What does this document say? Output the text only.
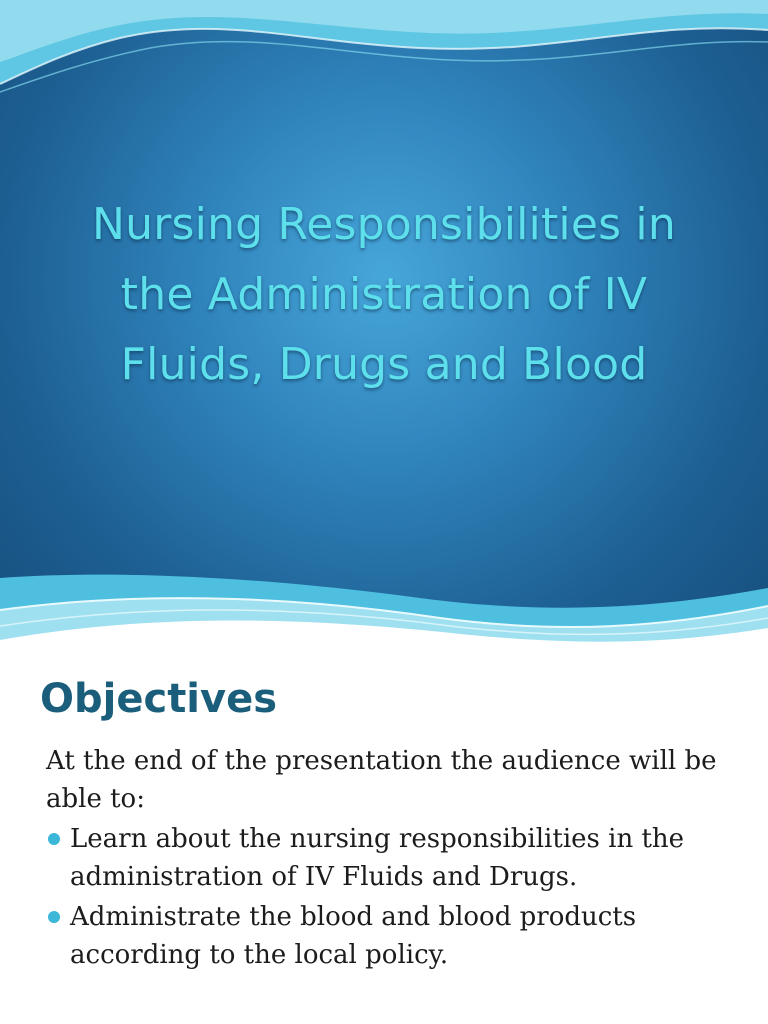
Nursing Responsibilities in
the Administration of IV
Fluids, Drugs and Blood
Objectives

At the end of the presentation the audience will be
able to:

Learn about the nursing responsibilities in the
administration of IV Fluids and Drugs.
Administrate the blood and blood products
according to the local policy.
